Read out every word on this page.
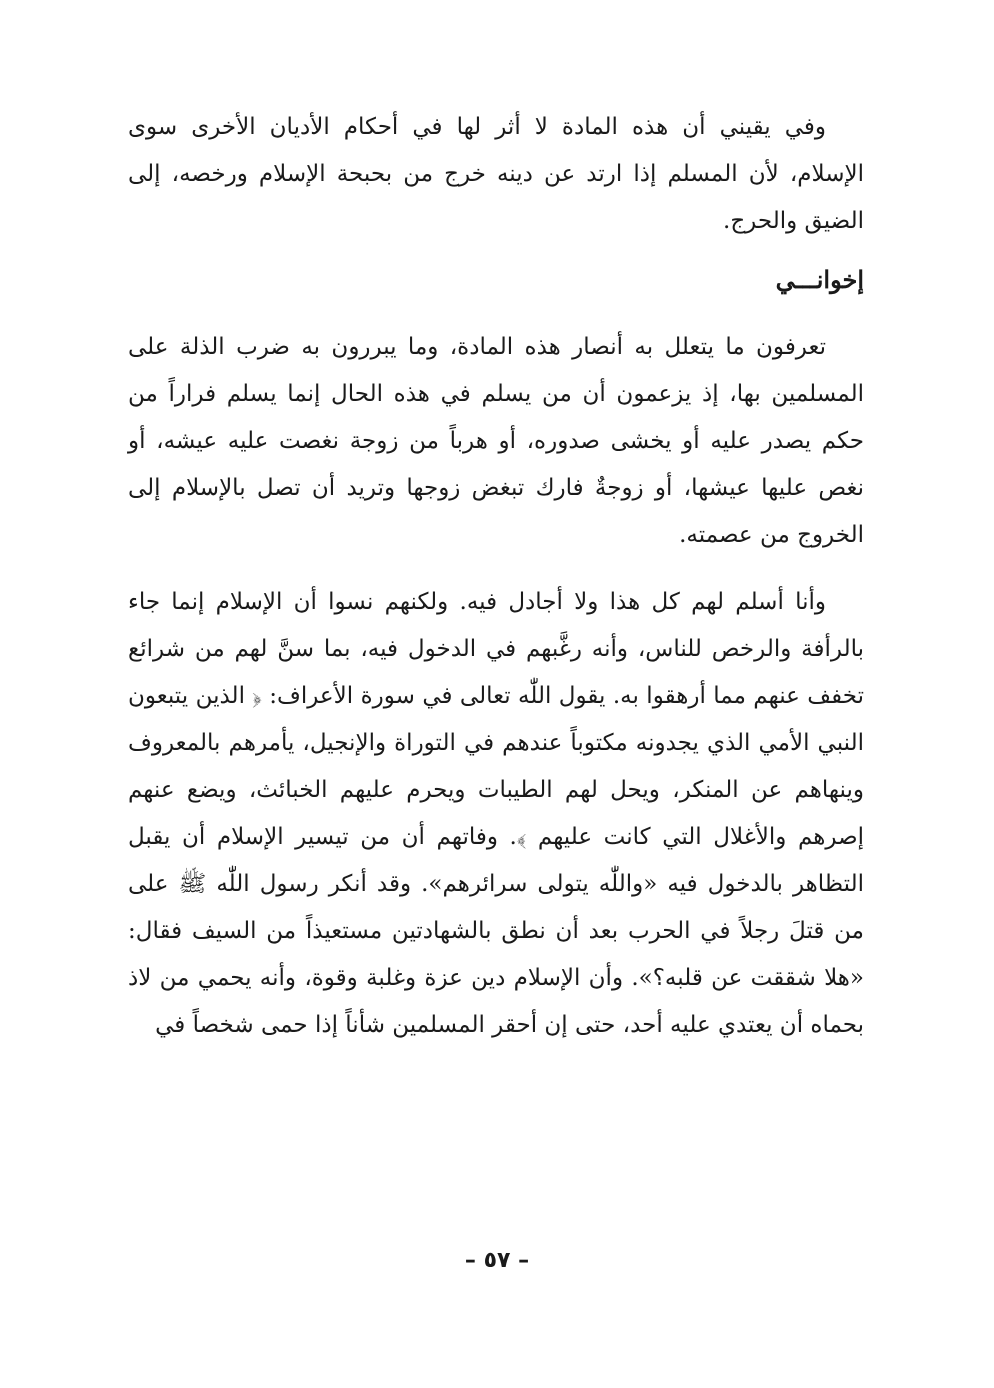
وفي يقيني أن هذه المادة لا أثر لها في أحكام الأديان الأخرى سوى الإسلام، لأن المسلم إذا ارتد عن دينه خرج من بحبحة الإسلام ورخصه، إلى الضيق والحرج.

إخوانـــي

تعرفون ما يتعلل به أنصار هذه المادة، وما يبررون به ضرب الذلة على المسلمين بها، إذ يزعمون أن من يسلم في هذه الحال إنما يسلم فراراً من حكم يصدر عليه أو يخشى صدوره، أو هرباً من زوجة نغصت عليه عيشه، أو نغص عليها عيشها، أو زوجةٌ فارك تبغض زوجها وتريد أن تصل بالإسلام إلى الخروج من عصمته.

وأنا أسلم لهم كل هذا ولا أجادل فيه. ولكنهم نسوا أن الإسلام إنما جاء بالرأفة والرخص للناس، وأنه رغَّبهم في الدخول فيه، بما سنَّ لهم من شرائع تخفف عنهم مما أرهقوا به. يقول اللّٰه تعالى في سورة الأعراف: ﴿ الذين يتبعون النبي الأمي الذي يجدونه مكتوباً عندهم في التوراة والإنجيل، يأمرهم بالمعروف وينهاهم عن المنكر، ويحل لهم الطيبات ويحرم عليهم الخبائث، ويضع عنهم إصرهم والأغلال التي كانت عليهم ﴾. وفاتهم أن من تيسير الإسلام أن يقبل التظاهر بالدخول فيه «واللّٰه يتولى سرائرهم». وقد أنكر رسول اللّٰه ﷺ على من قتلَ رجلاً في الحرب بعد أن نطق بالشهادتين مستعيذاً من السيف فقال: «هلا شققت عن قلبه؟». وأن الإسلام دين عزة وغلبة وقوة، وأنه يحمي من لاذ بحماه أن يعتدي عليه أحد، حتى إن أحقر المسلمين شأناً إذا حمى شخصاً في

– ٥٧ –
